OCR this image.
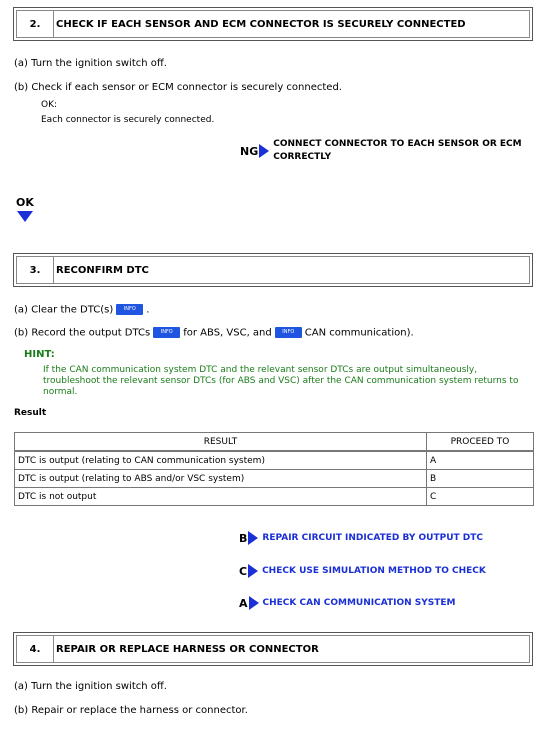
2.	CHECK IF EACH SENSOR AND ECM CONNECTOR IS SECURELY CONNECTED
(a) Turn the ignition switch off.
(b) Check if each sensor or ECM connector is securely connected.
OK:
Each connector is securely connected.
NG
CONNECT CONNECTOR TO EACH SENSOR OR ECM
CORRECTLY
OK
3.	RECONFIRM DTC
(a) Clear the DTC(s) INFO .
(b) Record the output DTCs INFO for ABS, VSC, and INFO CAN communication).
HINT:
If the CAN communication system DTC and the relevant sensor DTCs are output simultaneously,
troubleshoot the relevant sensor DTCs (for ABS and VSC) after the CAN communication system returns to
normal.
Result
RESULT	PROCEED TO
DTC is output (relating to CAN communication system)	A
DTC is output (relating to ABS and/or VSC system)	B
DTC is not output	C
B REPAIR CIRCUIT INDICATED BY OUTPUT DTC
C CHECK USE SIMULATION METHOD TO CHECK
A CHECK CAN COMMUNICATION SYSTEM
4.	REPAIR OR REPLACE HARNESS OR CONNECTOR
(a) Turn the ignition switch off.
(b) Repair or replace the harness or connector.
